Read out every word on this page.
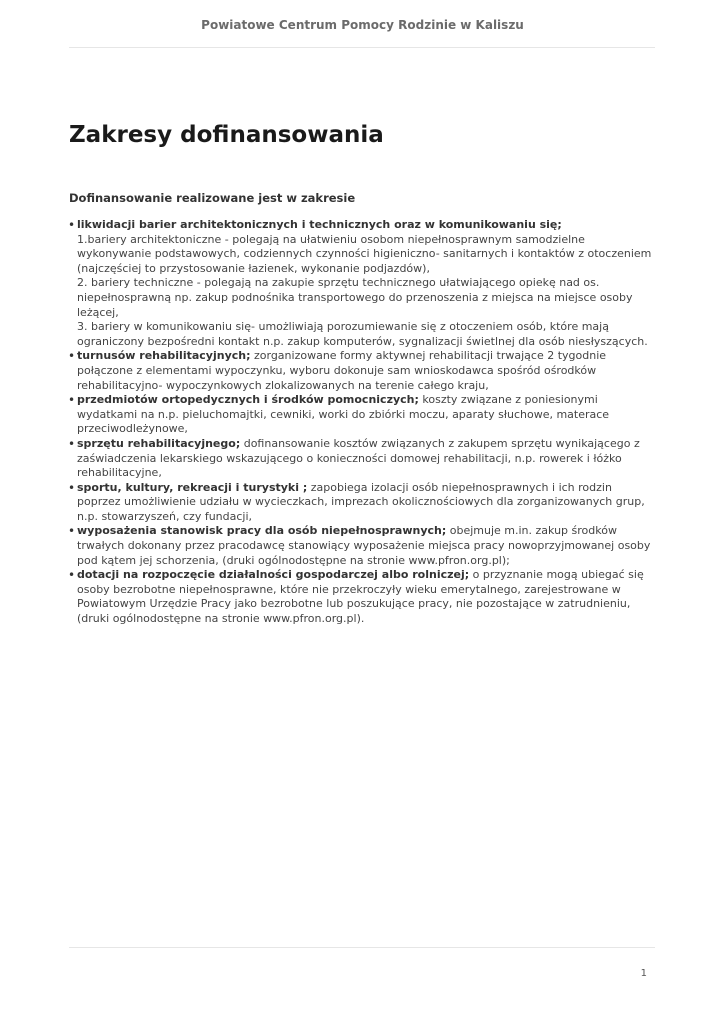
Powiatowe Centrum Pomocy Rodzinie w Kaliszu
Zakresy dofinansowania

Dofinansowanie realizowane jest w zakresie

• likwidacji barier architektonicznych i technicznych oraz w komunikowaniu się;
1.bariery architektoniczne - polegają na ułatwieniu osobom niepełnosprawnym samodzielne wykonywanie podstawowych, codziennych czynności higieniczno- sanitarnych i kontaktów z otoczeniem (najczęściej to przystosowanie łazienek, wykonanie podjazdów),
2. bariery techniczne - polegają na zakupie sprzętu technicznego ułatwiającego opiekę nad os. niepełnosprawną np. zakup podnośnika transportowego do przenoszenia z miejsca na miejsce osoby leżącej,
3. bariery w komunikowaniu się- umożliwiają porozumiewanie się z otoczeniem osób, które mają ograniczony bezpośredni kontakt n.p. zakup komputerów, sygnalizacji świetlnej dla osób niesłyszących.
• turnusów rehabilitacyjnych; zorganizowane formy aktywnej rehabilitacji trwające 2 tygodnie połączone z elementami wypoczynku, wyboru dokonuje sam wnioskodawca spośród ośrodków rehabilitacyjno- wypoczynkowych zlokalizowanych na terenie całego kraju,
• przedmiotów ortopedycznych i środków pomocniczych; koszty związane z poniesionymi wydatkami na n.p. pieluchomajtki, cewniki, worki do zbiórki moczu, aparaty słuchowe, materace przeciwodleżynowe,
• sprzętu rehabilitacyjnego; dofinansowanie kosztów związanych z zakupem sprzętu wynikającego z zaświadczenia lekarskiego wskazującego o konieczności domowej rehabilitacji, n.p. rowerek i łóżko rehabilitacyjne,
• sportu, kultury, rekreacji i turystyki ; zapobiega izolacji osób niepełnosprawnych i ich rodzin poprzez umożliwienie udziału w wycieczkach, imprezach okolicznościowych dla zorganizowanych grup, n.p. stowarzyszeń, czy fundacji,
• wyposażenia stanowisk pracy dla osób niepełnosprawnych; obejmuje m.in. zakup środków trwałych dokonany przez pracodawcę stanowiący wyposażenie miejsca pracy nowoprzyjmowanej osoby pod kątem jej schorzenia, (druki ogólnodostępne na stronie www.pfron.org.pl);
• dotacji na rozpoczęcie działalności gospodarczej albo rolniczej; o przyznanie mogą ubiegać się osoby bezrobotne niepełnosprawne, które nie przekroczyły wieku emerytalnego, zarejestrowane w Powiatowym Urzędzie Pracy jako bezrobotne lub poszukujące pracy, nie pozostające w zatrudnieniu,(druki ogólnodostępne na stronie www.pfron.org.pl).
1
